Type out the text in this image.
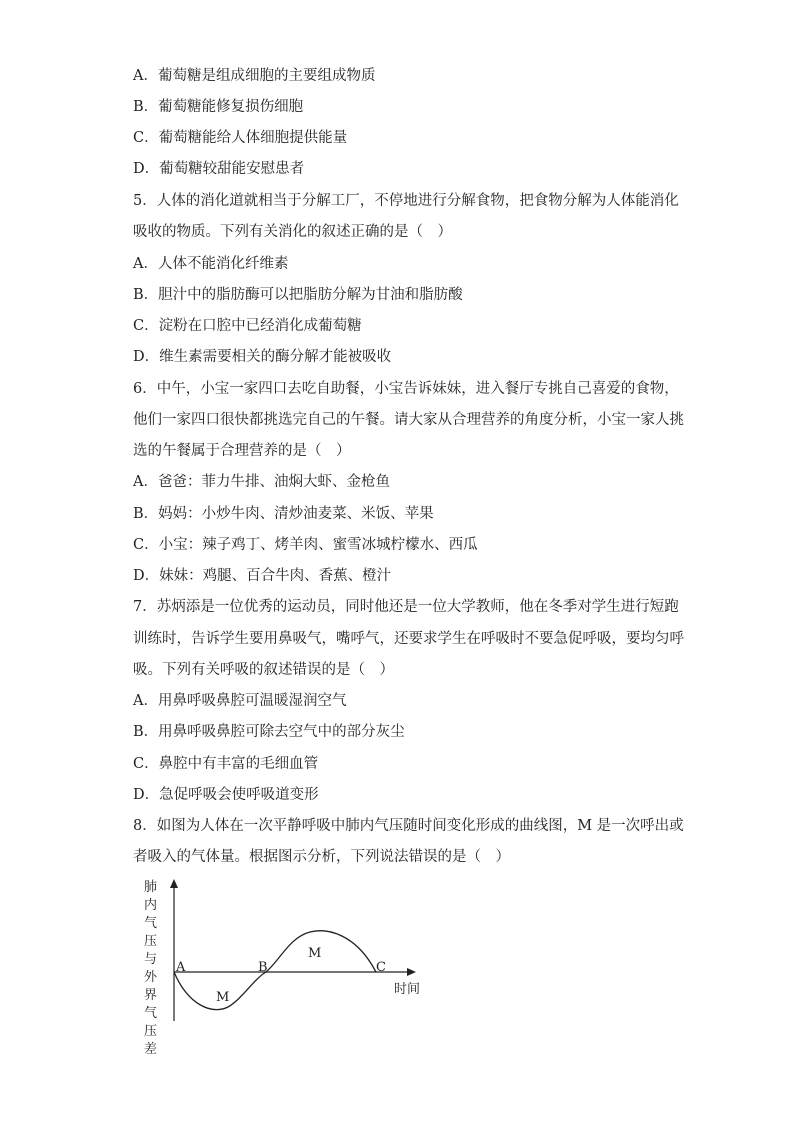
A．葡萄糖是组成细胞的主要组成物质
B．葡萄糖能修复损伤细胞
C．葡萄糖能给人体细胞提供能量
D．葡萄糖较甜能安慰患者
5．人体的消化道就相当于分解工厂，不停地进行分解食物，把食物分解为人体能消化
吸收的物质。下列有关消化的叙述正确的是（　）
A．人体不能消化纤维素
B．胆汁中的脂肪酶可以把脂肪分解为甘油和脂肪酸
C．淀粉在口腔中已经消化成葡萄糖
D．维生素需要相关的酶分解才能被吸收
6．中午，小宝一家四口去吃自助餐，小宝告诉妹妹，进入餐厅专挑自己喜爱的食物，
他们一家四口很快都挑选完自己的午餐。请大家从合理营养的角度分析，小宝一家人挑
选的午餐属于合理营养的是（　）
A．爸爸：菲力牛排、油焖大虾、金枪鱼
B．妈妈：小炒牛肉、清炒油麦菜、米饭、苹果
C．小宝：辣子鸡丁、烤羊肉、蜜雪冰城柠檬水、西瓜
D．妹妹：鸡腿、百合牛肉、香蕉、橙汁
7．苏炳添是一位优秀的运动员，同时他还是一位大学教师，他在冬季对学生进行短跑
训练时，告诉学生要用鼻吸气，嘴呼气，还要求学生在呼吸时不要急促呼吸，要均匀呼
吸。下列有关呼吸的叙述错误的是（　）
A．用鼻呼吸鼻腔可温暖湿润空气
B．用鼻呼吸鼻腔可除去空气中的部分灰尘
C．鼻腔中有丰富的毛细血管
D．急促呼吸会使呼吸道变形
8．如图为人体在一次平静呼吸中肺内气压随时间变化形成的曲线图，M 是一次呼出或
者吸入的气体量。根据图示分析，下列说法错误的是（　）
肺
内
气
压
与
外
界
气
压
差
A	B	C
M
M
时间
